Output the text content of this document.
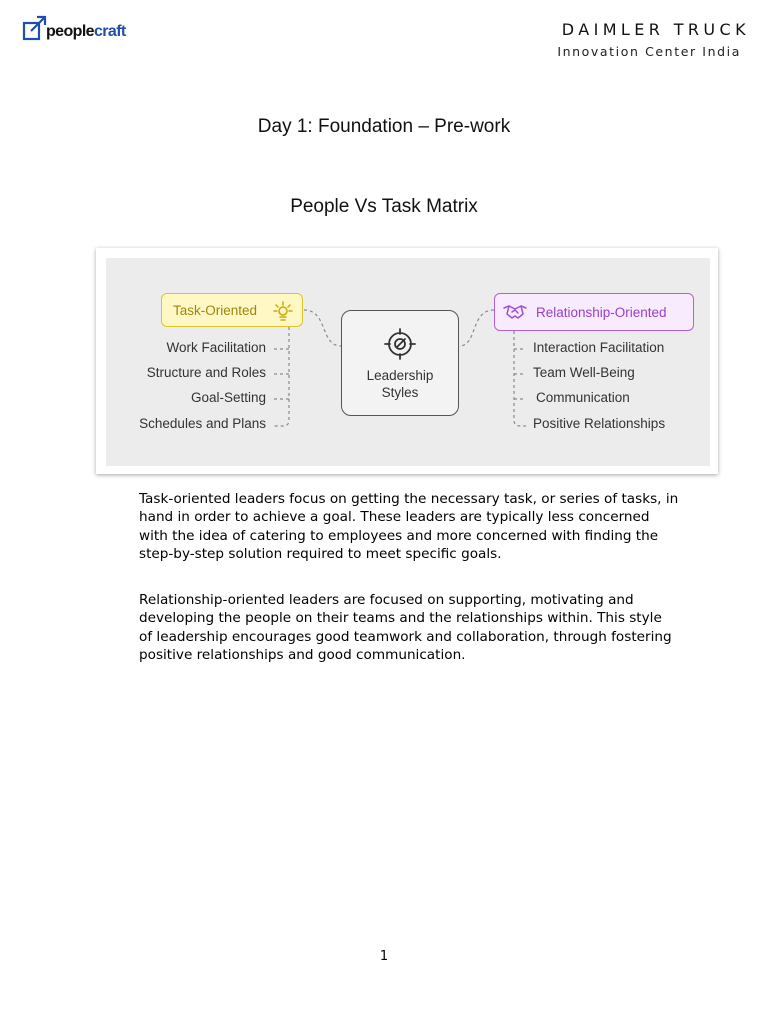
peoplecraft	DAIMLER TRUCK
Innovation Center India
Day 1: Foundation – Pre-work
People Vs Task Matrix
Task-Oriented	Relationship-Oriented
Leadership
Styles
Work Facilitation
Structure and Roles
Goal-Setting
Schedules and Plans
Interaction Facilitation
Team Well-Being
Communication
Positive Relationships

Task-oriented leaders focus on getting the necessary task, or series of tasks, in hand in order to achieve a goal. These leaders are typically less concerned with the idea of catering to employees and more concerned with finding the step-by-step solution required to meet specific goals.

Relationship-oriented leaders are focused on supporting, motivating and developing the people on their teams and the relationships within. This style of leadership encourages good teamwork and collaboration, through fostering positive relationships and good communication.

1
